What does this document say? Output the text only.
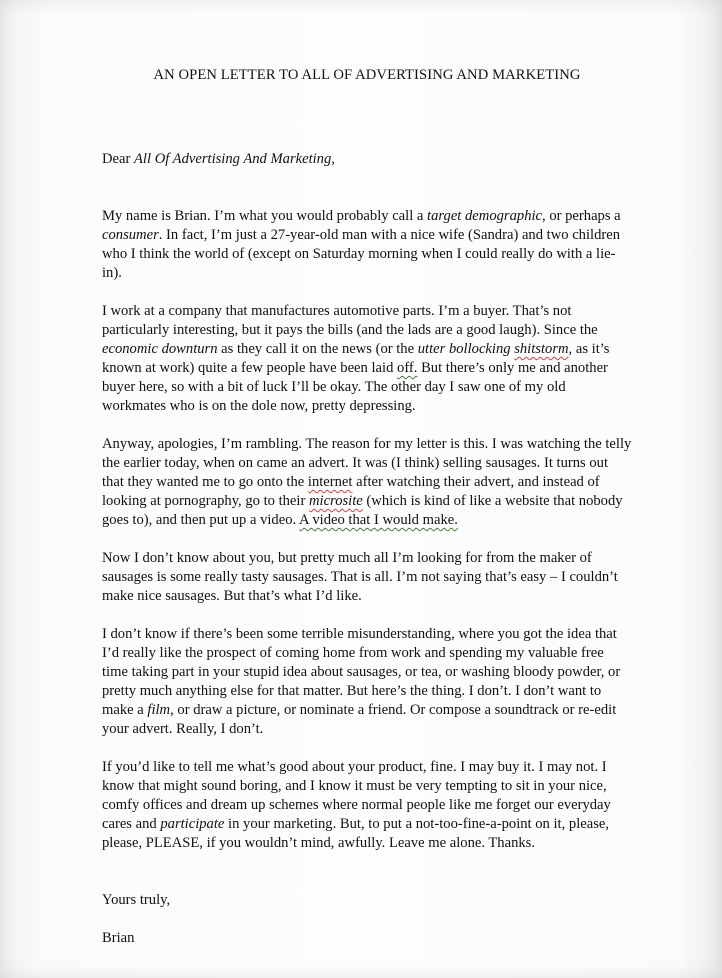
AN OPEN LETTER TO ALL OF ADVERTISING AND MARKETING

Dear All Of Advertising And Marketing,

My name is Brian. I’m what you would probably call a target demographic, or perhaps a consumer. In fact, I’m just a 27-year-old man with a nice wife (Sandra) and two children who I think the world of (except on Saturday morning when I could really do with a lie-in).

I work at a company that manufactures automotive parts. I’m a buyer. That’s not particularly interesting, but it pays the bills (and the lads are a good laugh). Since the economic downturn as they call it on the news (or the utter bollocking shitstorm, as it’s known at work) quite a few people have been laid off. But there’s only me and another buyer here, so with a bit of luck I’ll be okay. The other day I saw one of my old workmates who is on the dole now, pretty depressing.

Anyway, apologies, I’m rambling. The reason for my letter is this. I was watching the telly the earlier today, when on came an advert. It was (I think) selling sausages. It turns out that they wanted me to go onto the internet after watching their advert, and instead of looking at pornography, go to their microsite (which is kind of like a website that nobody goes to), and then put up a video. A video that I would make.

Now I don’t know about you, but pretty much all I’m looking for from the maker of sausages is some really tasty sausages. That is all. I’m not saying that’s easy – I couldn’t make nice sausages. But that’s what I’d like.

I don’t know if there’s been some terrible misunderstanding, where you got the idea that I’d really like the prospect of coming home from work and spending my valuable free time taking part in your stupid idea about sausages, or tea, or washing bloody powder, or pretty much anything else for that matter. But here’s the thing. I don’t. I don’t want to make a film, or draw a picture, or nominate a friend. Or compose a soundtrack or re-edit your advert. Really, I don’t.

If you’d like to tell me what’s good about your product, fine. I may buy it. I may not. I know that might sound boring, and I know it must be very tempting to sit in your nice, comfy offices and dream up schemes where normal people like me forget our everyday cares and participate in your marketing. But, to put a not-too-fine-a-point on it, please, please, PLEASE, if you wouldn’t mind, awfully. Leave me alone. Thanks.

Yours truly,

Brian
